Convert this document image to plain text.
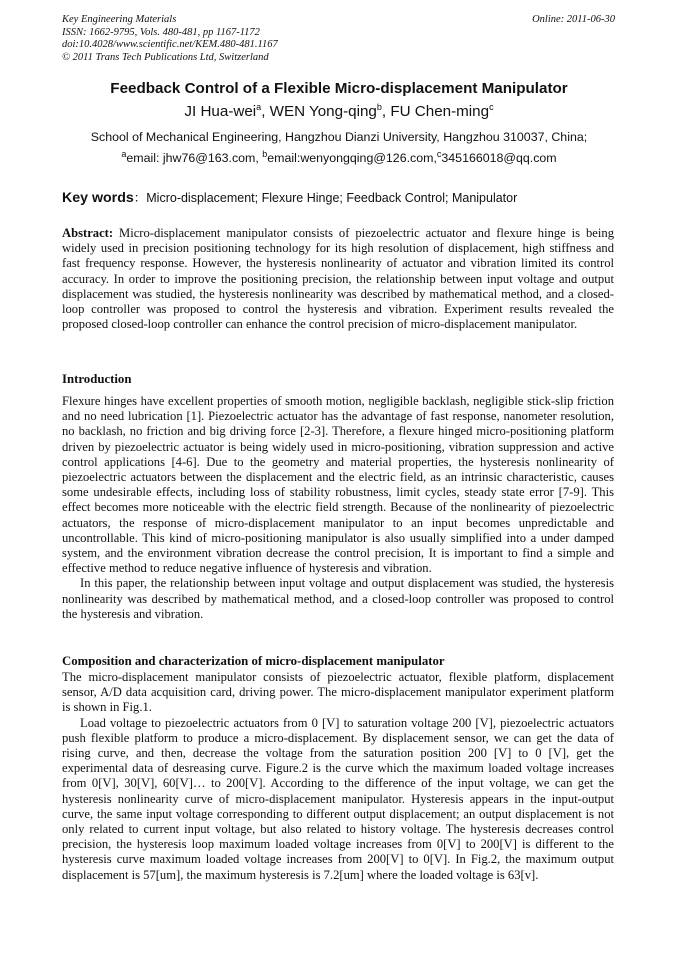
Key Engineering Materials
ISSN: 1662-9795, Vols. 480-481, pp 1167-1172
doi:10.4028/www.scientific.net/KEM.480-481.1167
© 2011 Trans Tech Publications Ltd, Switzerland
Online: 2011-06-30
Feedback Control of a Flexible Micro-displacement Manipulator
JI Hua-wei$^a$, WEN Yong-qing$^b$, FU Chen-ming$^c$
School of Mechanical Engineering, Hangzhou Dianzi University, Hangzhou 310037, China;
$^a$email: jhw76@163.com, $^b$email:wenyongqing@126.com,$^c$345166018@qq.com
Key words：Micro-displacement; Flexure Hinge; Feedback Control; Manipulator

Abstract: Micro-displacement manipulator consists of piezoelectric actuator and flexure hinge is being widely used in precision positioning technology for its high resolution of displacement, high stiffness and fast frequency response. However, the hysteresis nonlinearity of actuator and vibration limited its control accuracy. In order to improve the positioning precision, the relationship between input voltage and output displacement was studied, the hysteresis nonlinearity was described by mathematical method, and a closed-loop controller was proposed to control the hysteresis and vibration. Experiment results revealed the proposed closed-loop controller can enhance the control precision of micro-displacement manipulator.

Introduction

Flexure hinges have excellent properties of smooth motion, negligible backlash, negligible stick-slip friction and no need lubrication [1]. Piezoelectric actuator has the advantage of fast response, nanometer resolution, no backlash, no friction and big driving force [2-3]. Therefore, a flexure hinged micro-positioning platform driven by piezoelectric actuator is being widely used in micro-positioning, vibration suppression and active control applications [4-6]. Due to the geometry and material properties, the hysteresis nonlinearity of piezoelectric actuators between the displacement and the electric field, as an intrinsic characteristic, causes some undesirable effects, including loss of stability robustness, limit cycles, steady state error [7-9]. This effect becomes more noticeable with the electric field strength. Because of the nonlinearity of piezoelectric actuators, the response of micro-displacement manipulator to an input becomes unpredictable and uncontrollable. This kind of micro-positioning manipulator is also usually simplified into a under damped system, and the environment vibration decrease the control precision, It is important to find a simple and effective method to reduce negative influence of hysteresis and vibration.

In this paper, the relationship between input voltage and output displacement was studied, the hysteresis nonlinearity was described by mathematical method, and a closed-loop controller was proposed to control the hysteresis and vibration.

Composition and characterization of micro-displacement manipulator

The micro-displacement manipulator consists of piezoelectric actuator, flexible platform, displacement sensor, A/D data acquisition card, driving power. The micro-displacement manipulator experiment platform is shown in Fig.1.

Load voltage to piezoelectric actuators from 0 [V] to saturation voltage 200 [V], piezoelectric actuators push flexible platform to produce a micro-displacement. By displacement sensor, we can get the data of rising curve, and then, decrease the voltage from the saturation position 200 [V] to 0 [V], get the experimental data of desreasing curve. Figure.2 is the curve which the maximum loaded voltage increases from 0[V], 30[V], 60[V]… to 200[V]. According to the difference of the input voltage, we can get the hysteresis nonlinearity curve of micro-displacement manipulator. Hysteresis appears in the input-output curve, the same input voltage corresponding to different output displacement; an output displacement is not only related to current input voltage, but also related to history voltage. The hysteresis decreases control precision, the hysteresis loop maximum loaded voltage increases from 0[V] to 200[V] is different to the hysteresis curve maximum loaded voltage increases from 200[V] to 0[V]. In Fig.2, the maximum output displacement is 57[um], the maximum hysteresis is 7.2[um] where the loaded voltage is 63[v].
